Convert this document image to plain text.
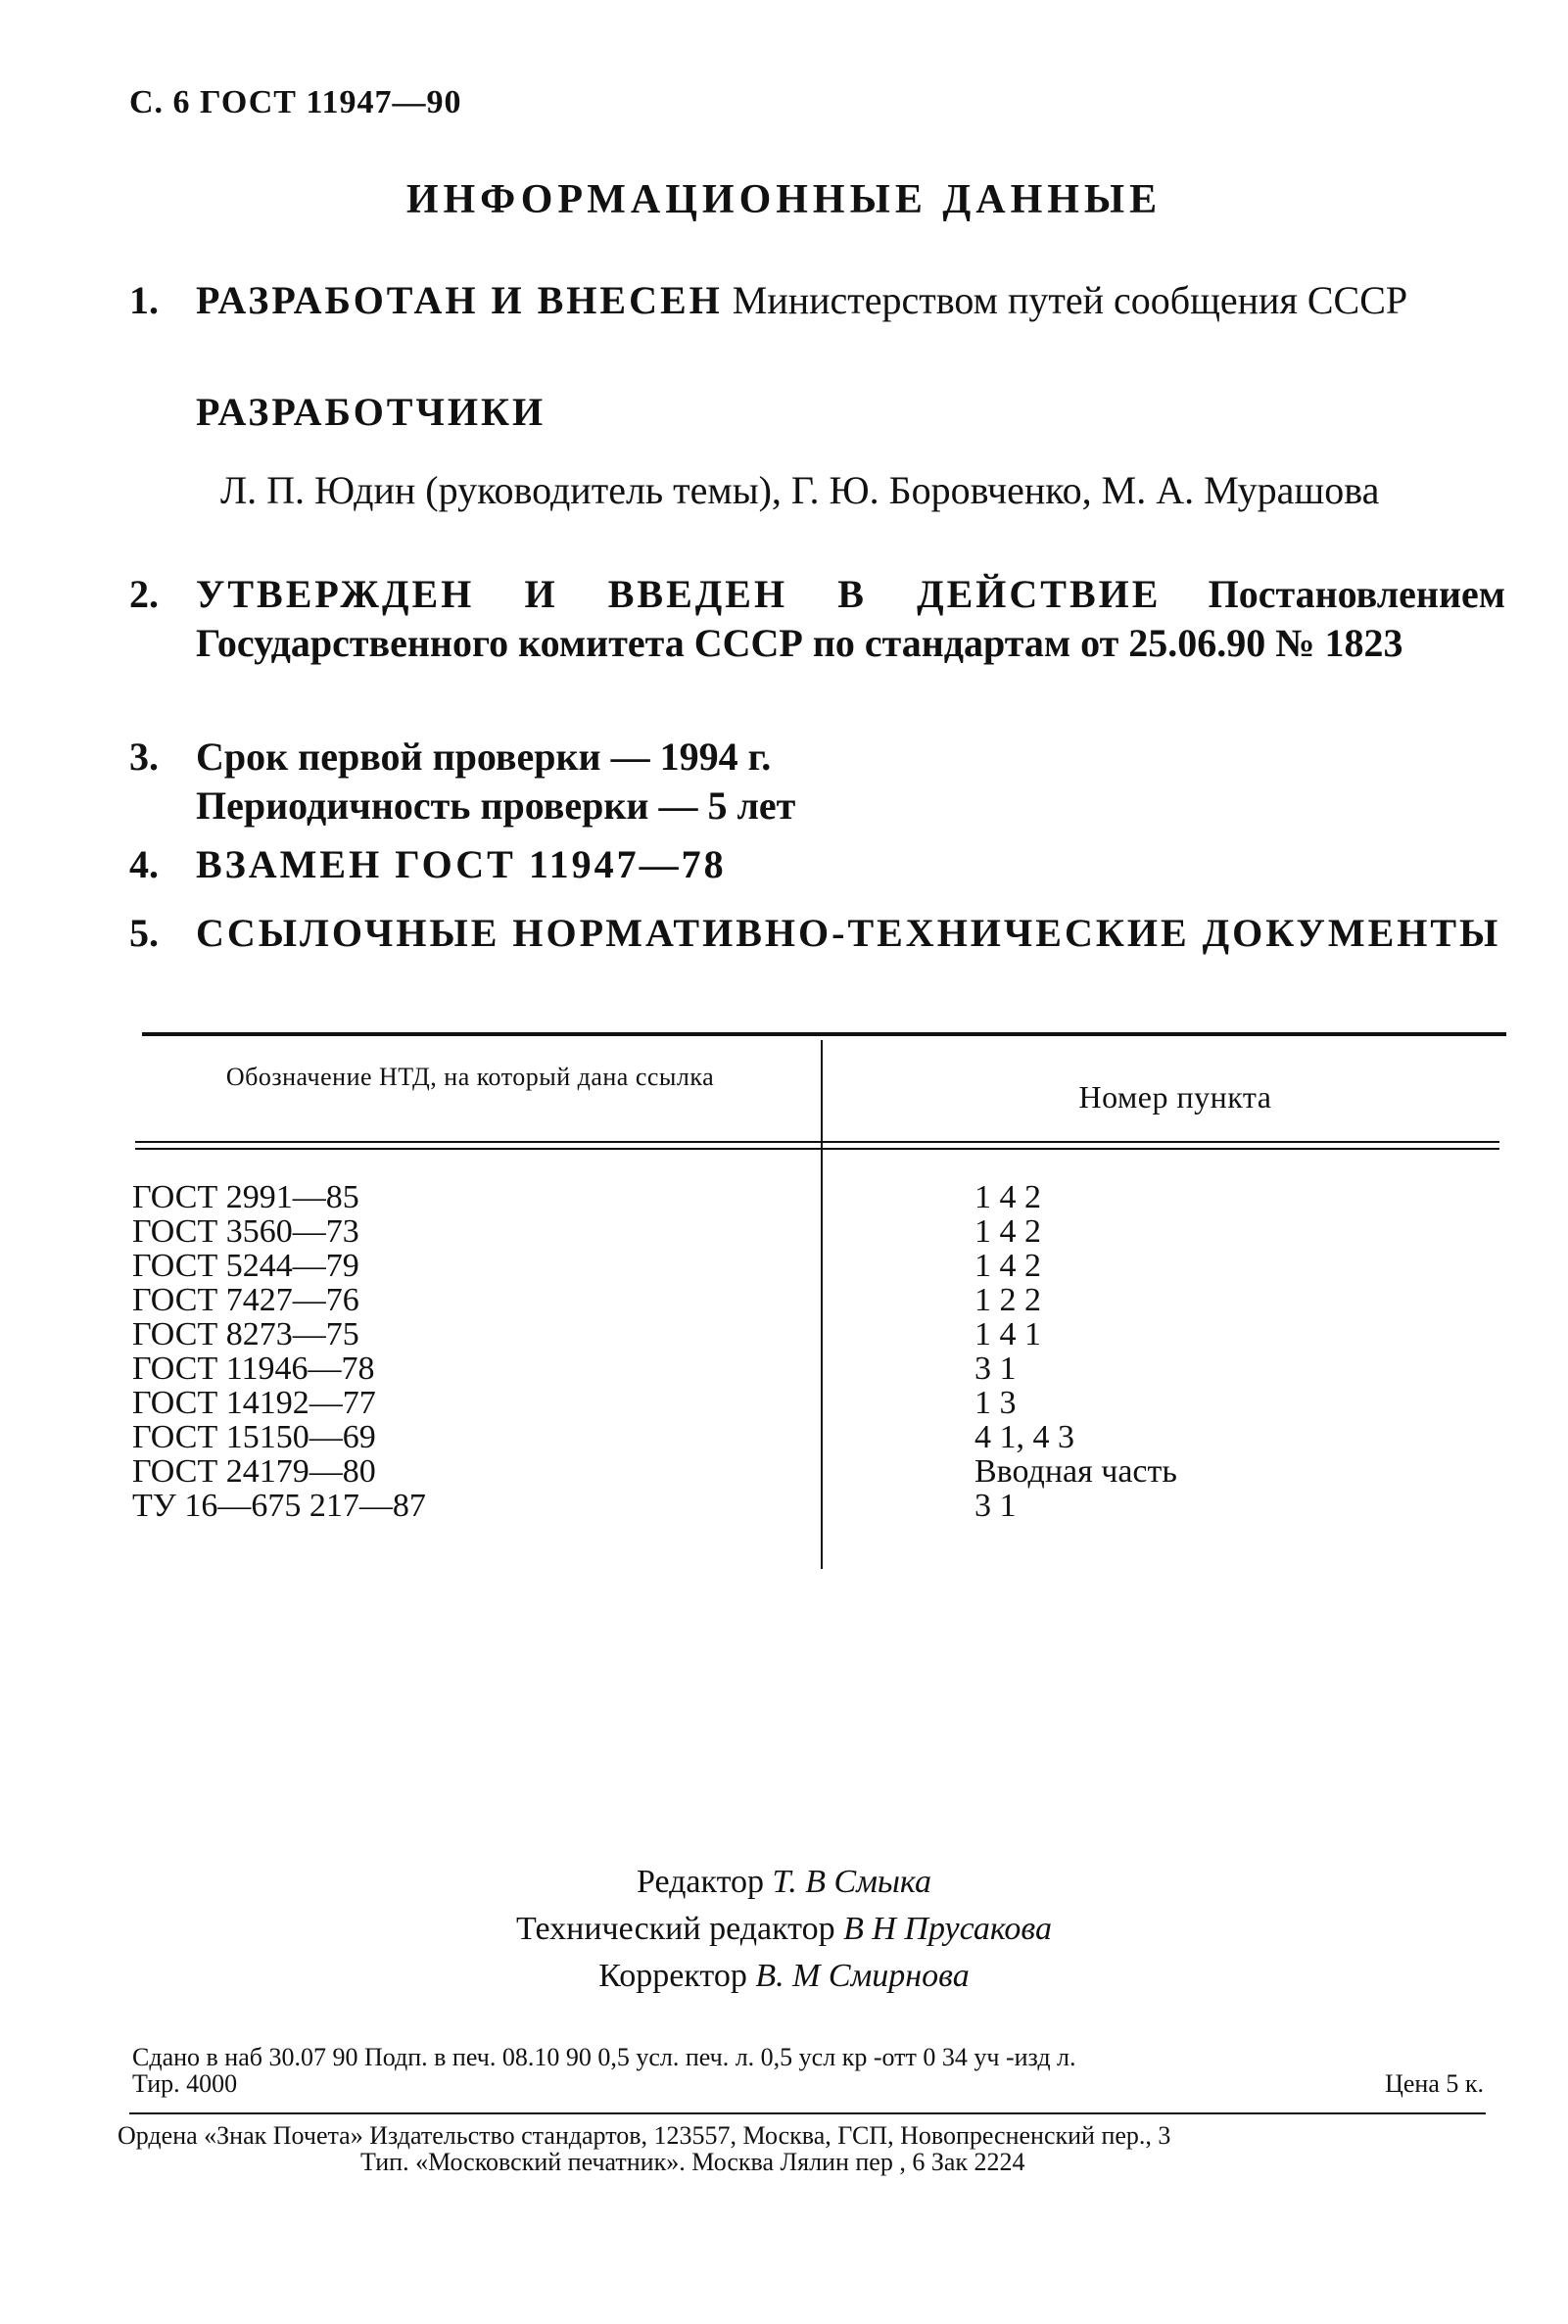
С. 6 ГОСТ 11947—90
ИНФОРМАЦИОННЫЕ ДАННЫЕ
1. РАЗРАБОТАН И ВНЕСЕН Министерством путей сообщения СССР
РАЗРАБОТЧИКИ
Л. П. Юдин (руководитель темы), Г. Ю. Боровченко, М. А. Мурашова
2. УТВЕРЖДЕН И ВВЕДЕН В ДЕЙСТВИЕ Постановлением Государственного комитета СССР по стандартам от 25.06.90 № 1823
3. Срок первой проверки — 1994 г.
Периодичность проверки — 5 лет
4. ВЗАМЕН ГОСТ 11947—78
5. ССЫЛОЧНЫЕ НОРМАТИВНО-ТЕХНИЧЕСКИЕ ДОКУМЕНТЫ
Обозначение НТД, на который дана ссылка
Номер пункта
ГОСТ 2991—85	1 4 2
ГОСТ 3560—73	1 4 2
ГОСТ 5244—79	1 4 2
ГОСТ 7427—76	1 2 2
ГОСТ 8273—75	1 4 1
ГОСТ 11946—78	3 1
ГОСТ 14192—77	1 3
ГОСТ 15150—69	4 1, 4 3
ГОСТ 24179—80	Вводная часть
ТУ 16—675 217—87	3 1
Редактор Т. В Смыка
Технический редактор В Н Прусакова
Корректор В. М Смирнова
Сдано в наб 30.07 90 Подп. в печ. 08.10 90 0,5 усл. печ. л. 0,5 усл кр -отт 0 34 уч -изд л.
Тир. 4000	Цена 5 к.
Ордена «Знак Почета» Издательство стандартов, 123557, Москва, ГСП, Новопресненский пер., 3
Тип. «Московский печатник». Москва Лялин пер , 6 Зак 2224
